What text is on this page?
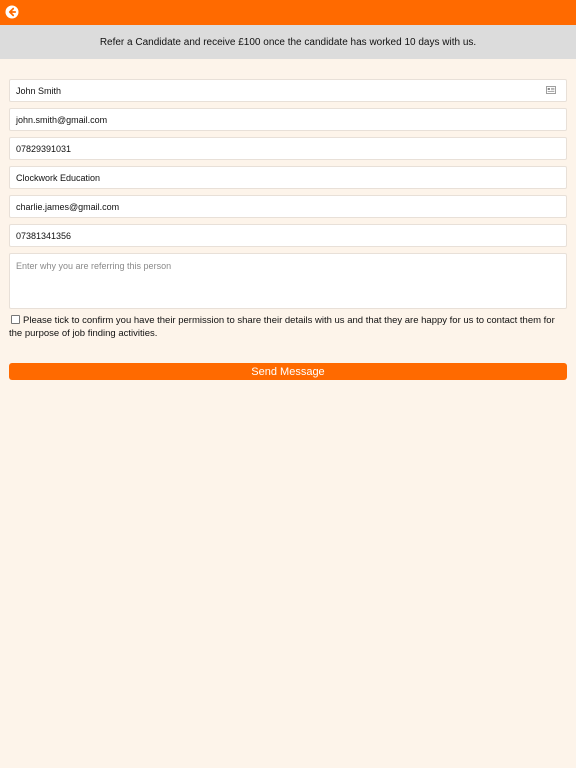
Refer a Candidate and receive £100 once the candidate has worked 10 days with us.
John Smith
john.smith@gmail.com
07829391031
Clockwork Education
charlie.james@gmail.com
07381341356
Enter why you are referring this person
Please tick to confirm you have their permission to share their details with us and that they are happy for us to contact them for the purpose of job finding activities.
Send Message
